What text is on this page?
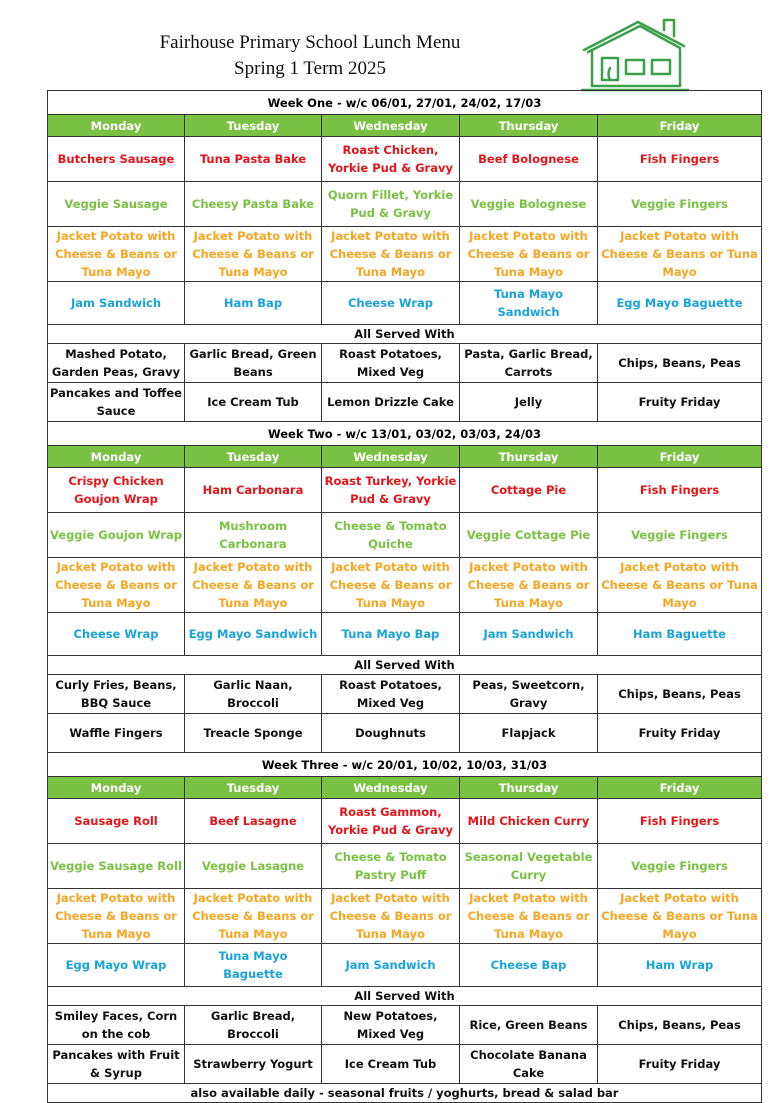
Fairhouse Primary School Lunch Menu
Spring 1 Term 2025
Week One - w/c 06/01, 27/01, 24/02, 17/03				
Monday	Tuesday	Wednesday	Thursday	Friday
Butchers Sausage	Tuna Pasta Bake	Roast Chicken, Yorkie Pud & Gravy	Beef Bolognese	Fish Fingers
Veggie Sausage	Cheesy Pasta Bake	Quorn Fillet, Yorkie Pud & Gravy	Veggie Bolognese	Veggie Fingers
Jacket Potato with Cheese & Beans or Tuna Mayo	Jacket Potato with Cheese & Beans or Tuna Mayo	Jacket Potato with Cheese & Beans or Tuna Mayo	Jacket Potato with Cheese & Beans or Tuna Mayo	Jacket Potato with Cheese & Beans or Tuna Mayo
Jam Sandwich	Ham Bap	Cheese Wrap	Tuna Mayo Sandwich	Egg Mayo Baguette
All Served With				
Mashed Potato, Garden Peas, Gravy	Garlic Bread, Green Beans	Roast Potatoes, Mixed Veg	Pasta, Garlic Bread, Carrots	Chips, Beans, Peas
Pancakes and Toffee Sauce	Ice Cream Tub	Lemon Drizzle Cake	Jelly	Fruity Friday
Week Two - w/c 13/01, 03/02, 03/03, 24/03				
Monday	Tuesday	Wednesday	Thursday	Friday
Crispy Chicken Goujon Wrap	Ham Carbonara	Roast Turkey, Yorkie Pud & Gravy	Cottage Pie	Fish Fingers
Veggie Goujon Wrap	Mushroom Carbonara	Cheese & Tomato Quiche	Veggie Cottage Pie	Veggie Fingers
Jacket Potato with Cheese & Beans or Tuna Mayo	Jacket Potato with Cheese & Beans or Tuna Mayo	Jacket Potato with Cheese & Beans or Tuna Mayo	Jacket Potato with Cheese & Beans or Tuna Mayo	Jacket Potato with Cheese & Beans or Tuna Mayo
Cheese Wrap	Egg Mayo Sandwich	Tuna Mayo Bap	Jam Sandwich	Ham Baguette
All Served With				
Curly Fries, Beans, BBQ Sauce	Garlic Naan, Broccoli	Roast Potatoes, Mixed Veg	Peas, Sweetcorn, Gravy	Chips, Beans, Peas
Waffle Fingers	Treacle Sponge	Doughnuts	Flapjack	Fruity Friday
Week Three - w/c 20/01, 10/02, 10/03, 31/03				
Monday	Tuesday	Wednesday	Thursday	Friday
Sausage Roll	Beef Lasagne	Roast Gammon, Yorkie Pud & Gravy	Mild Chicken Curry	Fish Fingers
Veggie Sausage Roll	Veggie Lasagne	Cheese & Tomato Pastry Puff	Seasonal Vegetable Curry	Veggie Fingers
Jacket Potato with Cheese & Beans or Tuna Mayo	Jacket Potato with Cheese & Beans or Tuna Mayo	Jacket Potato with Cheese & Beans or Tuna Mayo	Jacket Potato with Cheese & Beans or Tuna Mayo	Jacket Potato with Cheese & Beans or Tuna Mayo
Egg Mayo Wrap	Tuna Mayo Baguette	Jam Sandwich	Cheese Bap	Ham Wrap
All Served With				
Smiley Faces, Corn on the cob	Garlic Bread, Broccoli	New Potatoes, Mixed Veg	Rice, Green Beans	Chips, Beans, Peas
Pancakes with Fruit & Syrup	Strawberry Yogurt	Ice Cream Tub	Chocolate Banana Cake	Fruity Friday
also available daily - seasonal fruits / yoghurts, bread & salad bar				
